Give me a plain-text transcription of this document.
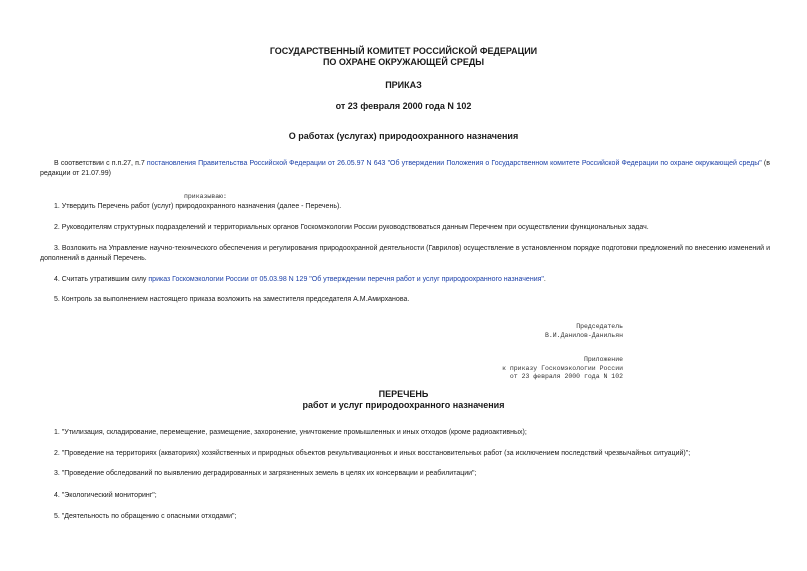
ГОСУДАРСТВЕННЫЙ КОМИТЕТ РОССИЙСКОЙ ФЕДЕРАЦИИ
ПО ОХРАНЕ ОКРУЖАЮЩЕЙ СРЕДЫ
ПРИКАЗ
от 23 февраля 2000 года N 102
О работах (услугах) природоохранного назначения
В соответствии с п.п.27, п.7 постановления Правительства Российской Федерации от 26.05.97 N 643 "Об утверждении Положения о Государственном комитете Российской Федерации по охране окружающей среды" (в редакции от 21.07.99)
приказываю:
1. Утвердить Перечень работ (услуг) природоохранного назначения (далее - Перечень).
2. Руководителям структурных подразделений и территориальных органов Госкомэкологии России руководствоваться данным Перечнем при осуществлении функциональных задач.
3. Возложить на Управление научно-технического обеспечения и регулирования природоохранной деятельности (Гаврилов) осуществление в установленном порядке подготовки предложений по внесению изменений и дополнений в данный Перечень.
4. Считать утратившим силу приказ Госкомэкологии России от 05.03.98 N 129 "Об утверждении перечня работ и услуг природоохранного назначения".
5. Контроль за выполнением настоящего приказа возложить на заместителя председателя А.М.Амирханова.
Председатель
В.И.Данилов-Данильян
Приложение
к приказу Госкомэкологии России
от 23 февраля 2000 года N 102
ПЕРЕЧЕНЬ
работ и услуг природоохранного назначения
1. "Утилизация, складирование, перемещение, размещение, захоронение, уничтожение промышленных и иных отходов (кроме радиоактивных);
2. "Проведение на территориях (акваториях) хозяйственных и природных объектов рекультивационных и иных восстановительных работ (за исключением последствий чрезвычайных ситуаций)";
3. "Проведение обследований по выявлению деградированных и загрязненных земель в целях их консервации и реабилитации";
4. "Экологический мониторинг";
5. "Деятельность по обращению с опасными отходами";
